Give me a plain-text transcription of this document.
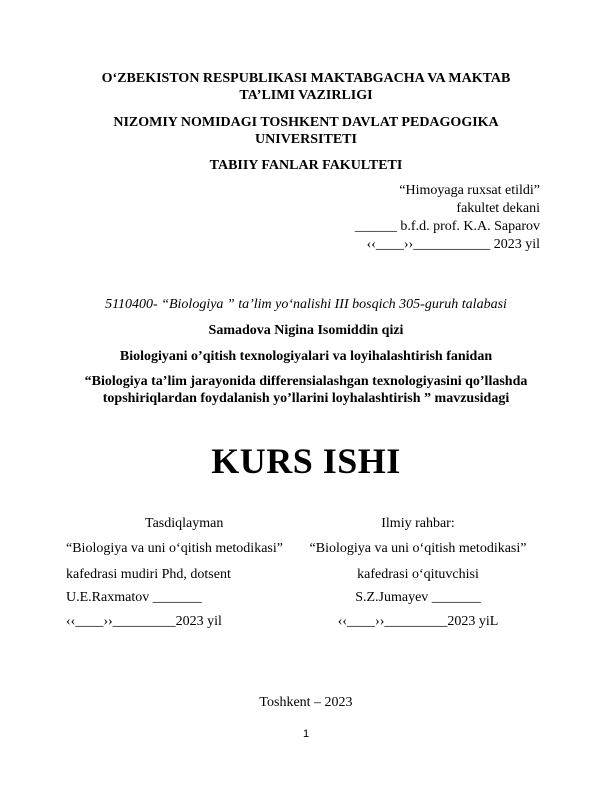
O‘ZBEKISTON RESPUBLIKASI MAKTABGACHA VA MAKTAB
TA’LIMI VAZIRLIGI
NIZOMIY NOMIDAGI TOSHKENT DAVLAT PEDAGOGIKA
UNIVERSITETI
TABIIY FANLAR FAKULTETI
“Himoyaga ruxsat etildi”
fakultet dekani
______ b.f.d. prof. K.A. Saparov
‹‹____››___________ 2023 yil
5110400- “Biologiya ” ta’lim yo‘nalishi III bosqich 305-guruh talabasi
Samadova Nigina Isomiddin qizi
Biologiyani o’qitish texnologiyalari va loyihalashtirish fanidan
“Biologiya ta’lim jarayonida differensialashgan texnologiyasini qo’llashda
topshiriqlardan foydalanish yo’llarini loyhalashtirish ” mavzusidagi
KURS ISHI
Tasdiqlayman
“Biologiya va uni o‘qitish metodikasi”
kafedrasi mudiri Phd, dotsent
U.E.Raxmatov _______
‹‹____››_________2023 yil
Ilmiy rahbar:
“Biologiya va uni o‘qitish metodikasi”
kafedrasi o‘qituvchisi
S.Z.Jumayev _______
‹‹____››_________2023 yiL
Toshkent – 2023
1
